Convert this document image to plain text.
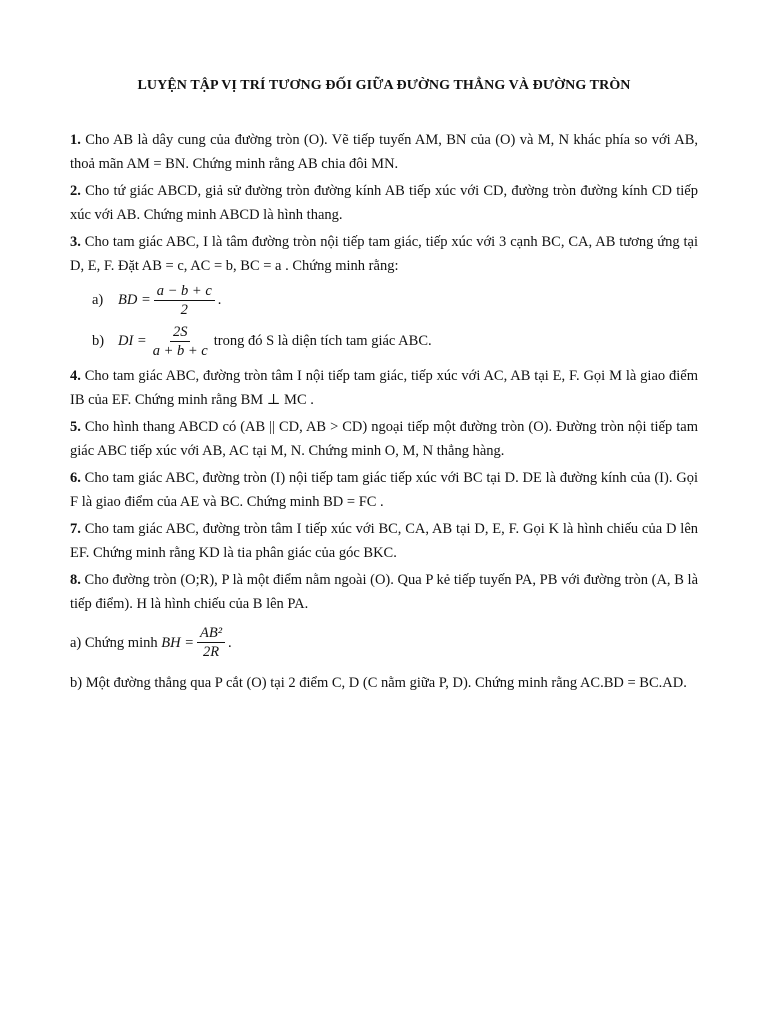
LUYỆN TẬP VỊ TRÍ TƯƠNG ĐỐI GIỮA ĐƯỜNG THẲNG VÀ ĐƯỜNG TRÒN

1. Cho AB là dây cung của đường tròn (O). Vẽ tiếp tuyến AM, BN của (O) và M, N khác phía so với AB, thoả mãn AM = BN. Chứng minh rằng AB chia đôi MN.

2. Cho tứ giác ABCD, giả sử đường tròn đường kính AB tiếp xúc với CD, đường tròn đường kính CD tiếp xúc với AB. Chứng minh ABCD là hình thang.

3. Cho tam giác ABC, I là tâm đường tròn nội tiếp tam giác, tiếp xúc với 3 cạnh BC, CA, AB tương ứng tại D, E, F. Đặt AB = c, AC = b, BC = a . Chứng minh rằng:

a)	BD = $\frac{a - b + c}{2}$ .
b) DI = $\frac{2S}{a + b + c}$ trong đó S là diện tích tam giác ABC.

4. Cho tam giác ABC, đường tròn tâm I nội tiếp tam giác, tiếp xúc với AC, AB tại E, F. Gọi M là giao điểm IB của EF. Chứng minh rằng BM ⊥ MC .

5. Cho hình thang ABCD có (AB || CD, AB > CD) ngoại tiếp một đường tròn (O). Đường tròn nội tiếp tam giác ABC tiếp xúc với AB, AC tại M, N. Chứng minh O, M, N thẳng hàng.

6. Cho tam giác ABC, đường tròn (I) nội tiếp tam giác tiếp xúc với BC tại D. DE là đường kính của (I). Gọi F là giao điểm của AE và BC. Chứng minh BD = FC .

7. Cho tam giác ABC, đường tròn tâm I tiếp xúc với BC, CA, AB tại D, E, F. Gọi K là hình chiếu của D lên EF. Chứng minh rằng KD là tia phân giác của góc BKC.

8. Cho đường tròn (O;R), P là một điểm nằm ngoài (O). Qua P kẻ tiếp tuyến PA, PB với đường tròn (A, B là tiếp điểm). H là hình chiếu của B lên PA.

a) Chứng minh
BH = $\frac{\text{AB²}}{2R}$ .

b) Một đường thẳng qua P cắt (O) tại 2 điểm C, D (C nằm giữa P, D). Chứng minh rằng AC.BD = BC.AD.
